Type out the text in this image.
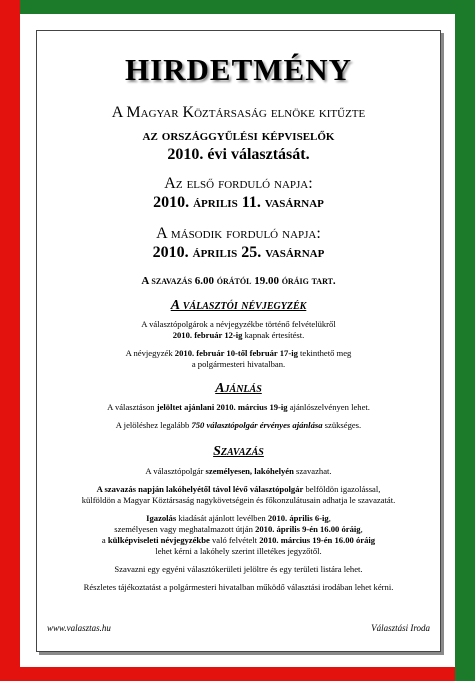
HIRDETMÉNY

A Magyar Köztársaság elnöke kitűzte

az országgyűlési képviselők

2010. évi választását.

Az első forduló napja:

2010. április 11. vasárnap

A második forduló napja:

2010. április 25. vasárnap

A szavazás 6.00 órától 19.00 óráig tart.

A választói névjegyzék

A választópolgárok a névjegyzékbe történő felvételükről

2010. február 12-ig kapnak értesítést.

A névjegyzék 2010. február 10-től február 17-ig tekinthető meg

a polgármesteri hivatalban.

Ajánlás

A választáson jelöltet ajánlani 2010. március 19-ig ajánlószelvényen lehet.

A jelöléshez legalább 750 választópolgár érvényes ajánlása szükséges.

Szavazás

A választópolgár személyesen, lakóhelyén szavazhat.

A szavazás napján lakóhelyétől távol lévő választópolgár belföldön igazolással,

külföldön a Magyar Köztársaság nagykövetségein és főkonzulátusain adhatja le szavazatát.

Igazolás kiadását ajánlott levélben 2010. április 6-ig,

személyesen vagy meghatalmazott útján 2010. április 9-én 16.00 óráig,

a külképviseleti névjegyzékbe való felvételt 2010. március 19-én 16.00 óráig

lehet kérni a lakóhely szerint illetékes jegyzőtől.

Szavazni egy egyéni választókerületi jelöltre és egy területi listára lehet.

Részletes tájékoztatást a polgármesteri hivatalban működő választási irodában lehet kérni.

www.valasztas.hu	Választási Iroda
